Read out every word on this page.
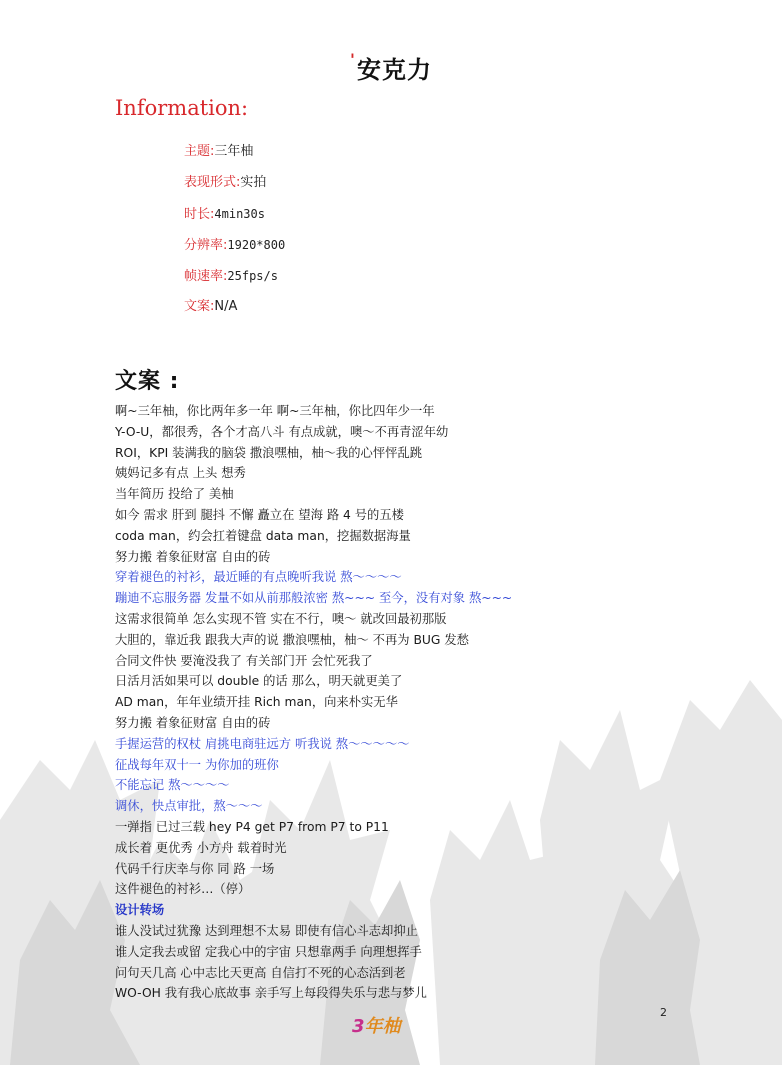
'安克力
Information:
主题:三年柚
表现形式:实拍
时长:4min30s
分辨率:1920*800
帧速率:25fps/s
文案:N/A
文案 :
啊~三年柚，你比两年多一年 啊~三年柚，你比四年少一年
Y-O-U，都很秀，各个才高八斗 有点成就，噢～不再青涩年幼
ROI，KPI 装满我的脑袋 撒浪嘿柚，柚～我的心怦怦乱跳
姨妈记多有点 上头 想秀
当年简历 投给了 美柚
如今 需求 肝到 腿抖 不懈 矗立在 望海 路 4 号的五楼
coda man，约会扛着键盘 data man，挖掘数据海量
努力搬 着象征财富 自由的砖
穿着褪色的衬衫，最近睡的有点晚听我说 熬～～～～
蹦迪不忘服务器 发量不如从前那般浓密 熬~~~ 至今，没有对象 熬~~~
这需求很简单 怎么实现不管 实在不行，噢～ 就改回最初那版
大胆的，靠近我 跟我大声的说 撒浪嘿柚，柚～ 不再为 BUG 发愁
合同文件快 要淹没我了 有关部门开 会忙死我了
日活月活如果可以 double 的话 那么，明天就更美了
AD man，年年业绩开挂 Rich man，向来朴实无华
努力搬 着象征财富 自由的砖
手握运营的权杖 肩挑电商驻远方 听我说 熬～～～～～
征战每年双十一 为你加的班你
不能忘记 熬～～～～
调休，快点审批，熬～～～
一弹指 已过三载 hey P4 get P7 from P7 to P11
成长着 更优秀 小方舟 载着时光
代码千行庆幸与你 同 路 一场
这件褪色的衬衫…（停）
设计转场
谁人没试过犹豫 达到理想不太易 即使有信心斗志却抑止
谁人定我去或留 定我心中的宇宙 只想靠两手 向理想挥手
问句天几高 心中志比天更高 自信打不死的心态活到老
WO-OH 我有我心底故事 亲手写上每段得失乐与悲与梦儿
2
3年柚
